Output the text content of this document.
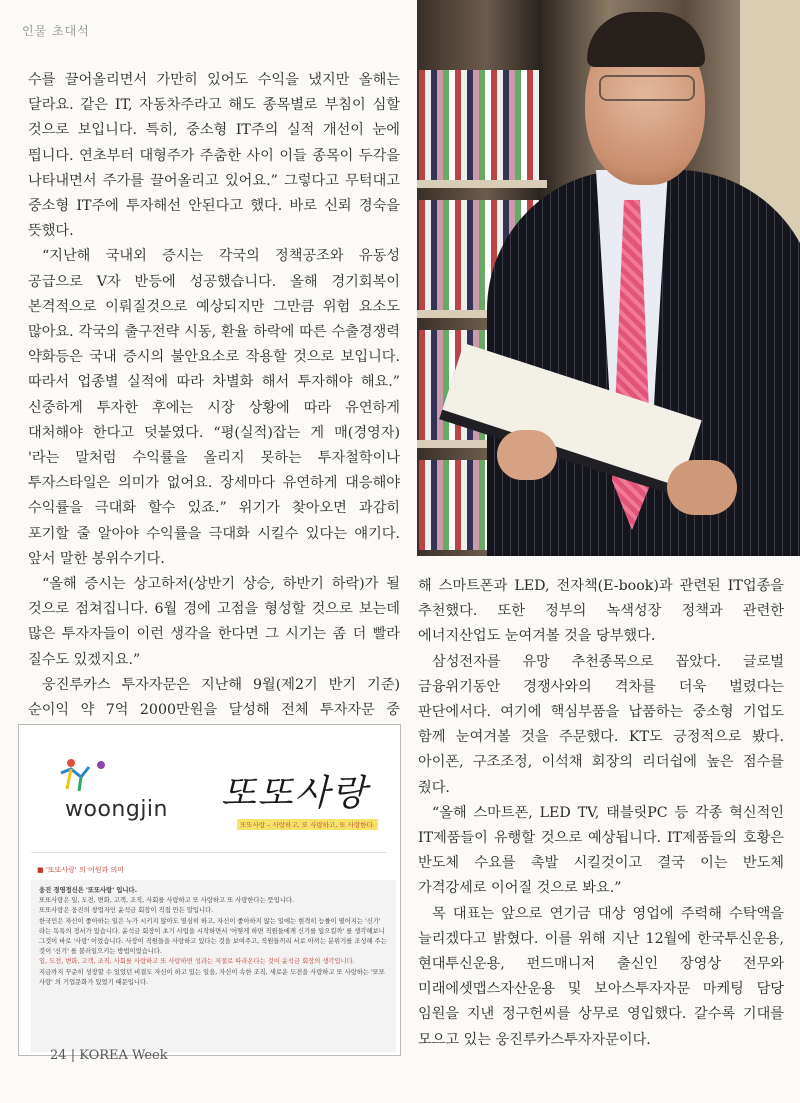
인물 초대석

수를 끌어올리면서 가만히 있어도 수익을 냈지만 올해는 달라요. 같은 IT, 자동차주라고 해도 종목별로 부침이 심할 것으로 보입니다. 특히, 중소형 IT주의 실적 개선이 눈에 띕니다. 연초부터 대형주가 주춤한 사이 이들 종목이 두각을 나타내면서 주가를 끌어올리고 있어요.” 그렇다고 무턱대고 중소형 IT주에 투자해선 안된다고 했다. 바로 신뢰 경숙을 뜻했다.

“지난해 국내외 증시는 각국의 정책공조와 유동성 공급으로 V자 반등에 성공했습니다. 올해 경기회복이 본격적으로 이뤄질것으로 예상되지만 그만큼 위험 요소도 많아요. 각국의 출구전략 시동, 환율 하락에 따른 수출경쟁력 약화등은 국내 증시의 불안요소로 작용할 것으로 보입니다. 따라서 업종별 실적에 따라 차별화 해서 투자해야 해요.” 신중하게 투자한 후에는 시장 상황에 따라 유연하게 대처해야 한다고 덧붙였다. “평(실적)잡는 게 매(경영자) '라는 말처럼 수익률을 올리지 못하는 투자철학이나 투자스타일은 의미가 없어요. 장세마다 유연하게 대응해야 수익률을 극대화 할수 있죠.” 위기가 찾아오면 과감히 포기할 줄 알아야 수익률을 극대화 시킬수 있다는 얘기다. 앞서 말한 봉위수기다.

“올해 증시는 상고하저(상반기 상승, 하반기 하락)가 될 것으로 점쳐집니다. 6월 경에 고점을 형성할 것으로 보는데 많은 투자자들이 이런 생각을 한다면 그 시기는 좀 더 빨라 질수도 있겠지요.”

웅진루카스 투자자문은 지난해 9월(제2기 반기 기준) 순이익 약 7억 2000만원을 달성해 전체 투자자문 중

해 스마트폰과 LED, 전자책(E-book)과 관련된 IT업종을 추천했다. 또한 정부의 녹색성장 정책과 관련한 에너지산업도 눈여겨볼 것을 당부했다.

삼성전자를 유망 추천종목으로 꼽았다. 글로벌 금융위기동안 경쟁사와의 격차를 더욱 벌렸다는 판단에서다. 여기에 핵심부품을 납품하는 중소형 기업도 함께 눈여겨볼 것을 주문했다. KT도 긍정적으로 봤다. 아이폰, 구조조정, 이석채 회장의 리더쉽에 높은 점수를 줬다.

“올해 스마트폰, LED TV, 태블릿PC 등 각종 혁신적인 IT제품들이 유행할 것으로 예상됩니다. IT제품들의 호황은 반도체 수요를 촉발 시킬것이고 결국 이는 반도체 가격강세로 이어질 것으로 봐요.”

목 대표는 앞으로 연기금 대상 영업에 주력해 수탁액을 늘리겠다고 밝혔다. 이를 위해 지난 12월에 한국투신운용, 현대투신운용, 펀드매니저 출신인 장영상 전무와 미래에셋맵스자산운용 및 보아스투자자문 마케팅 담당 임원을 지낸 정구헌씨를 상무로 영입했다. 갈수록 기대를 모으고 있는 웅진루카스투자자문이다.

woongjin 또또사랑
또또사랑 – 사랑하고, 또 사랑하고, 또 사랑한다.
■ '또또사랑' 의 어원과 의미
웅진 경영정신은 '또또사랑' 입니다.
또또사랑은 일, 도전, 변화, 고객, 조직, 사회를 사랑하고 또 사랑하고 또 사랑한다는 뜻입니다.
또또사랑은 웅진의 창업자인 윤석금 회장이 직접 만든 말입니다.
한국인은 자신이 좋아하는 일은 누가 시키지 않아도 열심히 하고, 자신이 좋아하지 않는 일에는 현격히 능률이 떨어지는 '신기' 라는 독특의 정서가 있습니다. 윤석금 회장이 초기 사업을 시작하면서 '어떻게 하면 직원들에게 신기를 일으킬까' 를 생각해보니 그것이 바로 '사랑' 이었습니다. 사장이 직원들을 사랑하고 있다는 것을 보여주고, 직원들끼리 서로 아끼는 분위기를 조성해 주는 것이 '신기' 를 불러일으키는 방법이었습니다.
일, 도전, 변화, 고객, 조직, 사회를 사랑하고 또 사랑하면 성과는 저절로 따라온다는 것이 윤석금 회장의 생각입니다.
지금까지 꾸준히 성장할 수 있었던 비결도 자신이 하고 있는 일을, 자신이 속한 조직, 새로운 도전을 사랑하고 또 사랑하는 '또또사랑' 의 기업문화가 있었기 때문입니다.
24 | KOREA Week
